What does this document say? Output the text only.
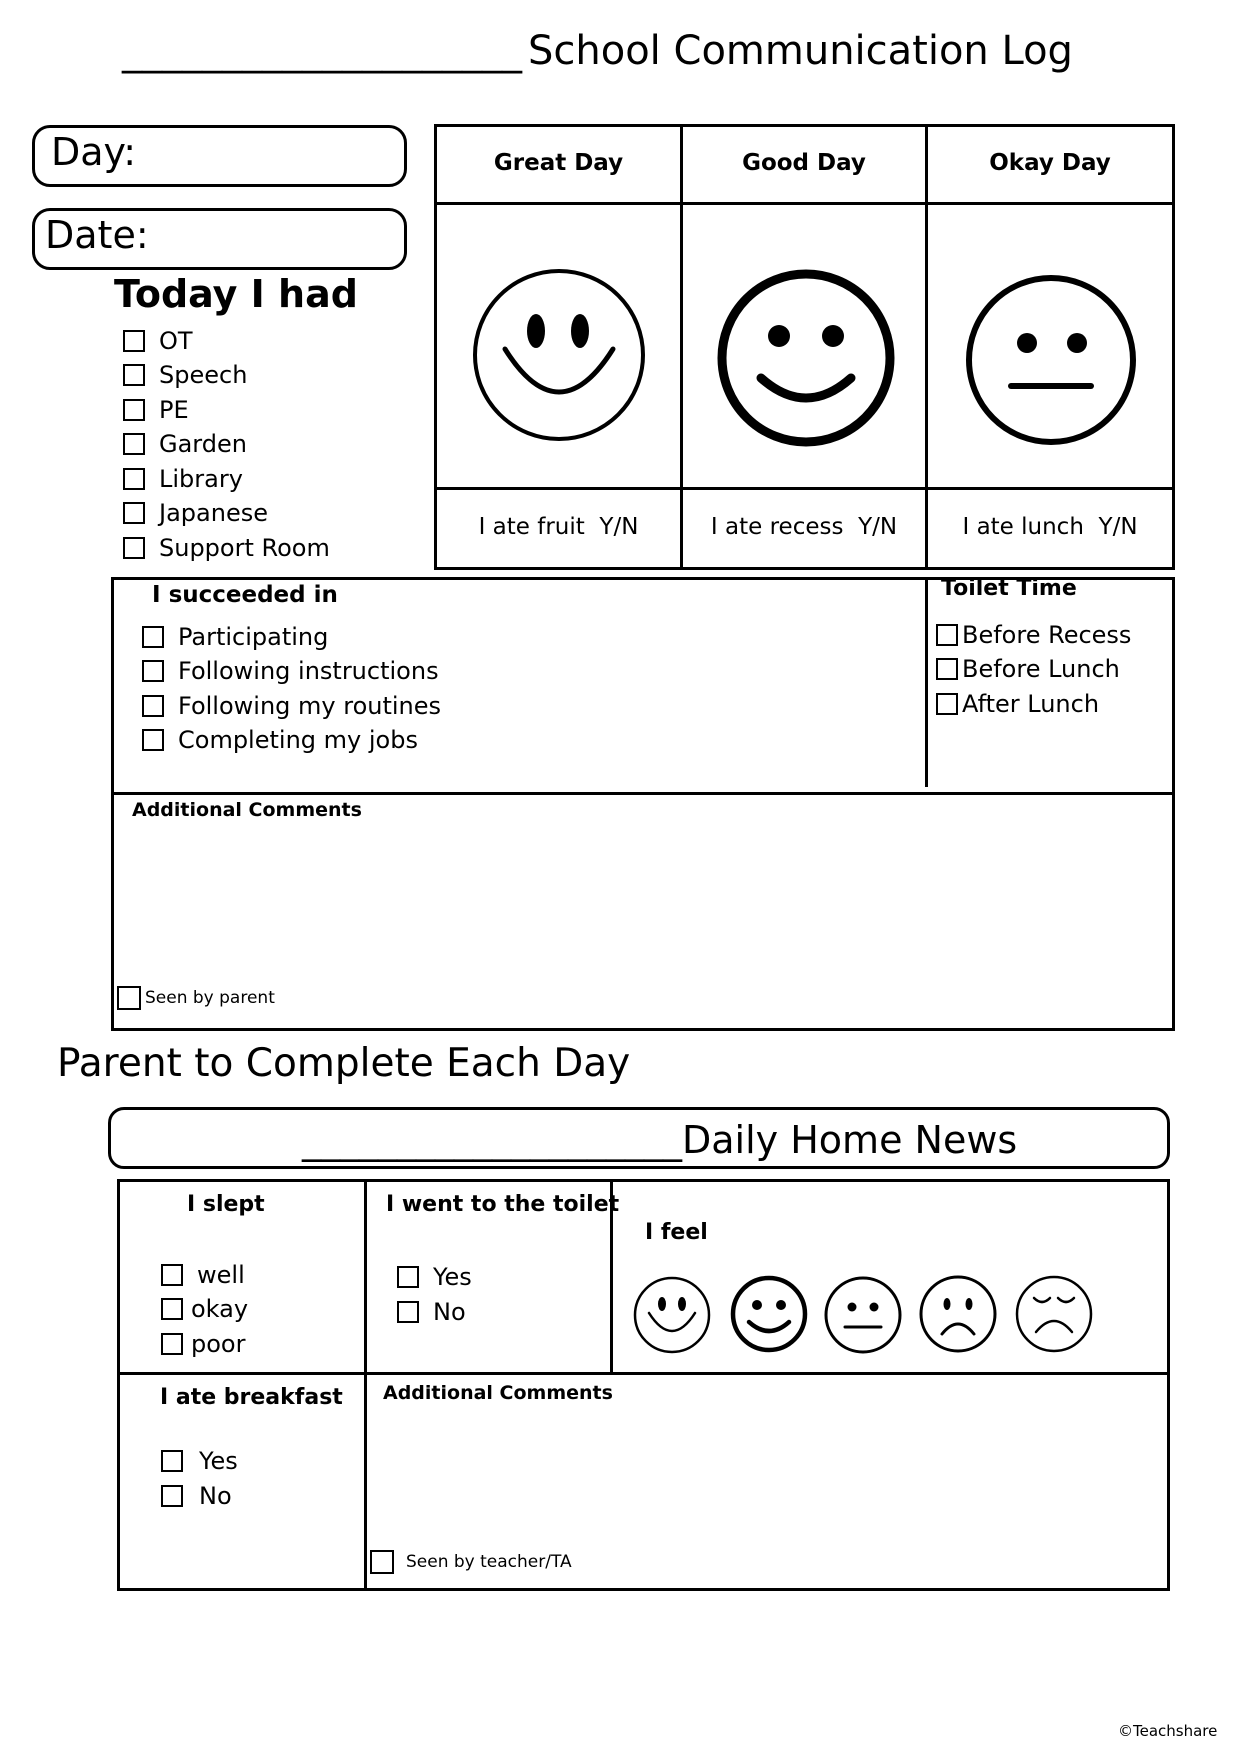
____________________ School Communication Log
Day:
Date:
Today I had
OT
Speech
PE
Garden
Library
Japanese
Support Room
Great Day	Good Day	Okay Day
I ate fruit  Y/N	I ate recess  Y/N	I ate lunch  Y/N
I succeeded in
Participating
Following instructions
Following my routines
Completing my jobs
Toilet Time
Before Recess
Before Lunch
After Lunch
Additional Comments
Seen by parent
Parent to Complete Each Day
____________________Daily Home News
I slept
well
okay
poor
I went to the toilet
Yes
No
I feel
I ate breakfast
Yes
No
Additional Comments
Seen by teacher/TA
©Teachshare
